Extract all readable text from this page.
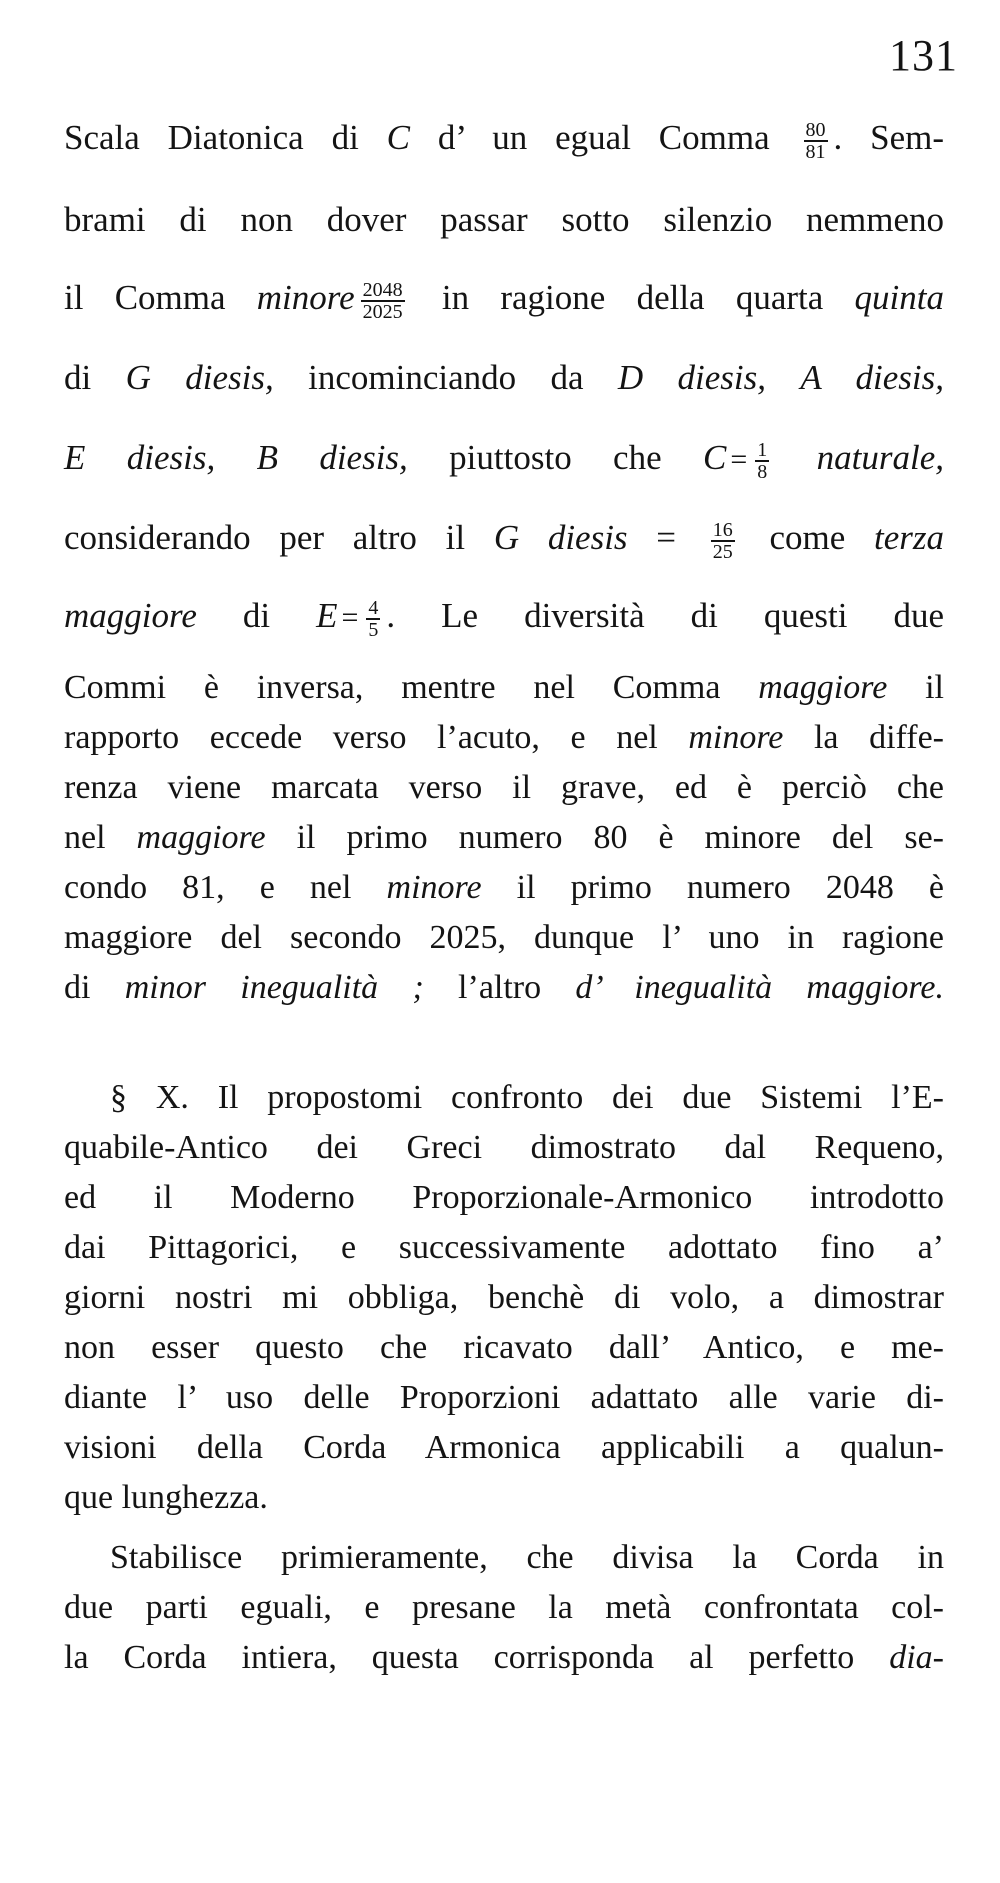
131
Scala Diatonica di C d’ un egual Comma $\frac{80}{81}$ . Sem-
brami di non dover passar sotto silenzio nemmeno
il Comma minore $\frac{2048}{2025}$ in ragione della quarta quinta
di G diesis, incominciando da D diesis, A diesis,
E diesis, B diesis, piuttosto che $C = \frac{1}{8}$ naturale,
considerando per altro il G diesis = $\frac{16}{25}$ come terza
maggiore di $E = \frac{4}{5}$ . Le diversità di questi due
Commi è inversa, mentre nel Comma maggiore il
rapporto eccede verso l’acuto, e nel minore la diffe-
renza viene marcata verso il grave, ed è perciò che
nel maggiore il primo numero 80 è minore del se-
condo 81, e nel minore il primo numero 2048 è
maggiore del secondo 2025, dunque l’ uno in ragione
di minor inegualità ; l’altro d’ inegualità maggiore.
§ X. Il propostomi confronto dei due Sistemi l’E-
quabile-Antico dei Greci dimostrato dal Requeno,
ed il Moderno Proporzionale-Armonico introdotto
dai Pittagorici, e successivamente adottato fino a’
giorni nostri mi obbliga, benchè di volo, a dimostrar
non esser questo che ricavato dall’ Antico, e me-
diante l’ uso delle Proporzioni adattato alle varie di-
visioni della Corda Armonica applicabili a qualun-
que lunghezza.
Stabilisce primieramente, che divisa la Corda in
due parti eguali, e presane la metà confrontata col-
la Corda intiera, questa corrisponda al perfetto dia-
